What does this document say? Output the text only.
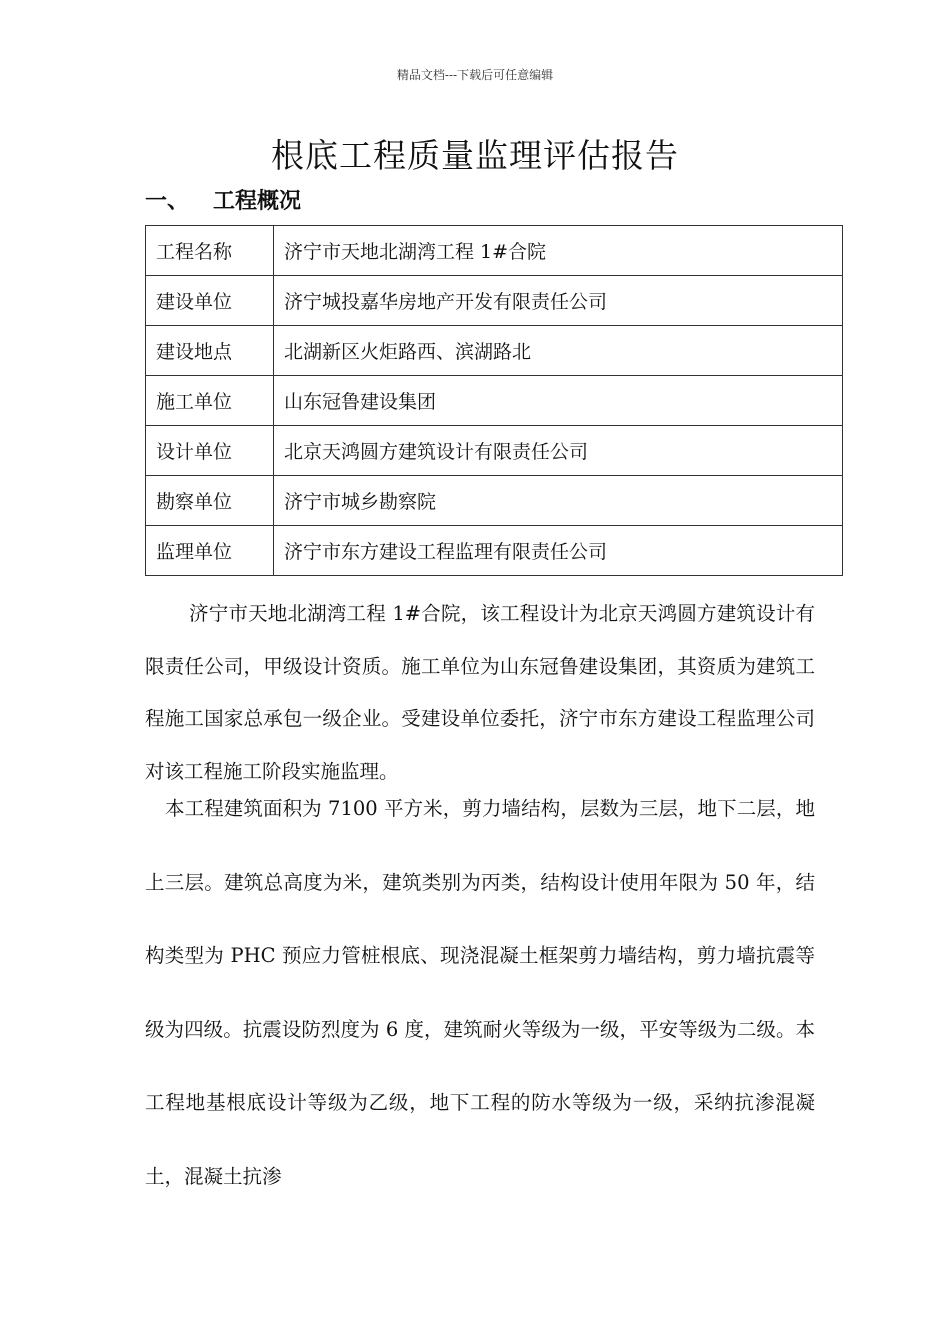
精品文档---下载后可任意编辑
根底工程质量监理评估报告
一、 工程概况
工程名称	济宁市天地北湖湾工程 1#合院
建设单位	济宁城投嘉华房地产开发有限责任公司
建设地点	北湖新区火炬路西、滨湖路北
施工单位	山东冠鲁建设集团
设计单位	北京天鸿圆方建筑设计有限责任公司
勘察单位	济宁市城乡勘察院
监理单位	济宁市东方建设工程监理有限责任公司

济宁市天地北湖湾工程 1#合院，该工程设计为北京天鸿圆方建筑设计有限责任公司，甲级设计资质。施工单位为山东冠鲁建设集团，其资质为建筑工程施工国家总承包一级企业。受建设单位委托，济宁市东方建设工程监理公司对该工程施工阶段实施监理。

本工程建筑面积为 7100 平方米，剪力墙结构，层数为三层，地下二层，地上三层。建筑总高度为米，建筑类别为丙类，结构设计使用年限为 50 年，结构类型为 PHC 预应力管桩根底、现浇混凝土框架剪力墙结构，剪力墙抗震等级为四级。抗震设防烈度为 6 度，建筑耐火等级为一级，平安等级为二级。本工程地基根底设计等级为乙级，地下工程的防水等级为一级，采纳抗渗混凝土，混凝土抗渗
